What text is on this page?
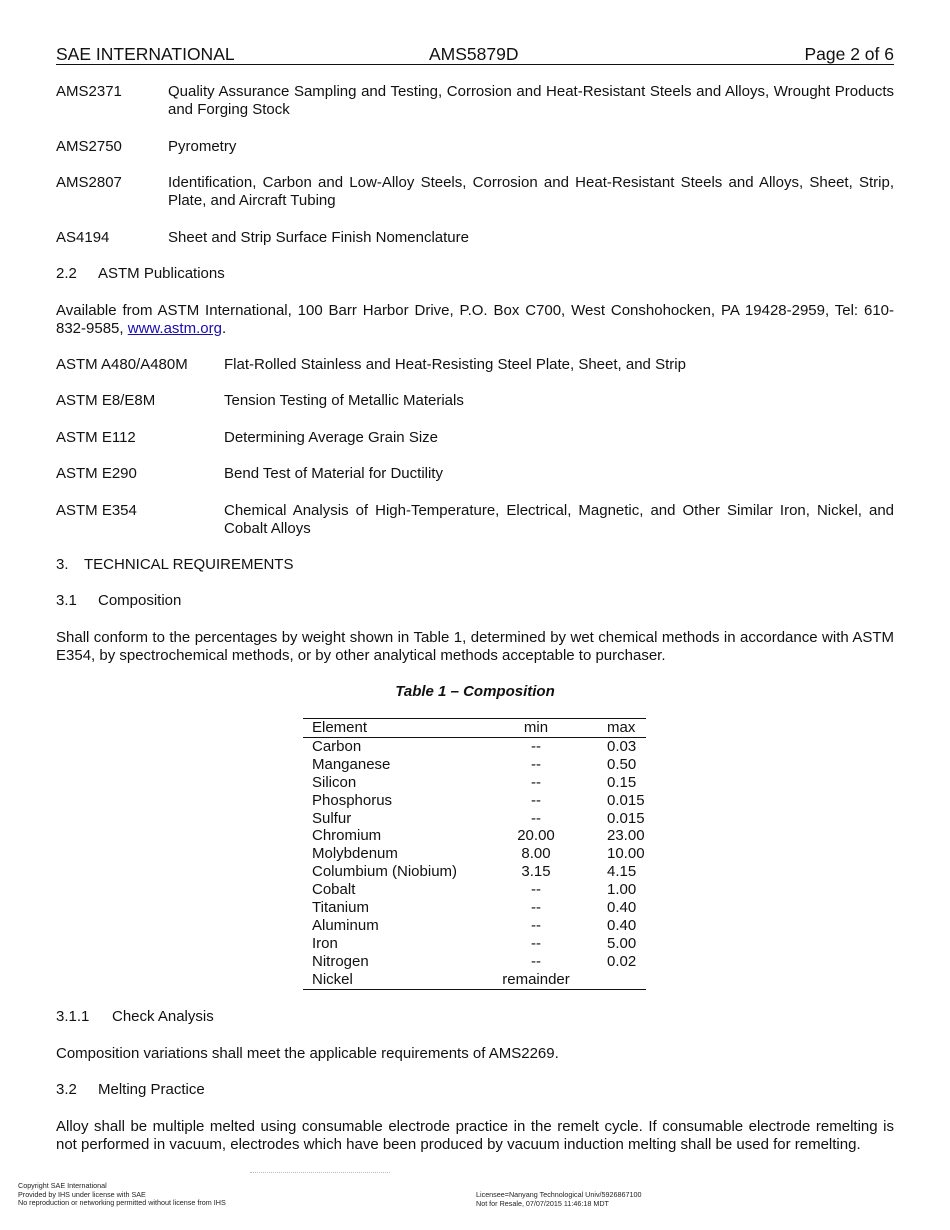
SAE INTERNATIONAL	AMS5879D	Page 2 of 6

AMS2371	Quality Assurance Sampling and Testing, Corrosion and Heat-Resistant Steels and Alloys, Wrought Products and Forging Stock

AMS2750	Pyrometry

AMS2807	Identification, Carbon and Low-Alloy Steels, Corrosion and Heat-Resistant Steels and Alloys, Sheet, Strip, Plate, and Aircraft Tubing

AS4194	Sheet and Strip Surface Finish Nomenclature

2.2 ASTM Publications

Available from ASTM International, 100 Barr Harbor Drive, P.O. Box C700, West Conshohocken, PA 19428-2959, Tel: 610-832-9585, www.astm.org.

ASTM A480/A480M Flat-Rolled Stainless and Heat-Resisting Steel Plate, Sheet, and Strip

ASTM E8/E8M	Tension Testing of Metallic Materials

ASTM E112	Determining Average Grain Size

ASTM E290	Bend Test of Material for Ductility

ASTM E354	Chemical Analysis of High-Temperature, Electrical, Magnetic, and Other Similar Iron, Nickel, and Cobalt Alloys

3. TECHNICAL REQUIREMENTS

3.1 Composition

Shall conform to the percentages by weight shown in Table 1, determined by wet chemical methods in accordance with ASTM E354, by spectrochemical methods, or by other analytical methods acceptable to purchaser.

Table 1 – Composition
Element	min	max
Carbon	--	0.03
Manganese	--	0.50
Silicon	--	0.15
Phosphorus	--	0.015
Sulfur	--	0.015
Chromium	20.00	23.00
Molybdenum	8.00	10.00
Columbium (Niobium)	3.15	4.15
Cobalt	--	1.00
Titanium	--	0.40
Aluminum	--	0.40
Iron	--	5.00
Nitrogen	--	0.02
Nickel	remainder	

3.1.1 Check Analysis

Composition variations shall meet the applicable requirements of AMS2269.

3.2 Melting Practice

Alloy shall be multiple melted using consumable electrode practice in the remelt cycle. If consumable electrode remelting is not performed in vacuum, electrodes which have been produced by vacuum induction melting shall be used for remelting.

Copyright SAE International
Provided by IHS under license with SAE
No reproduction or networking permitted without license from IHS
Licensee=Nanyang Technological Univ/5926867100
Not for Resale, 07/07/2015 11:46:18 MDT
